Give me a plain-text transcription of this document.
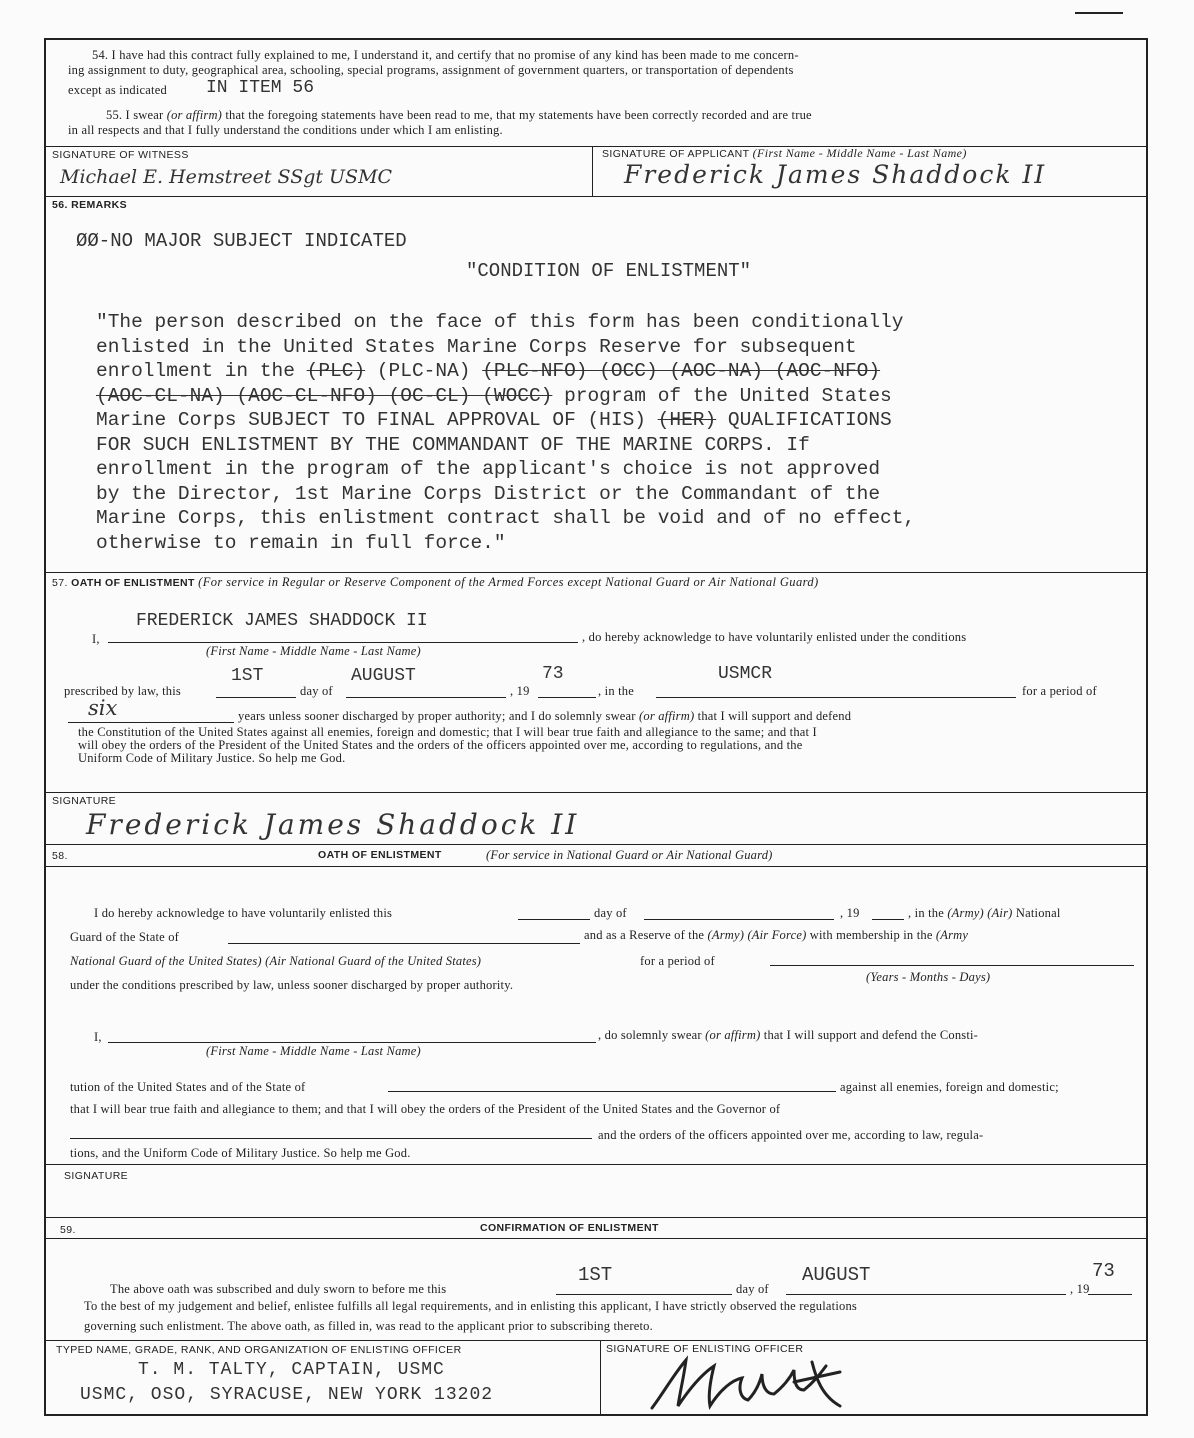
54. I have had this contract fully explained to me, I understand it, and certify that no promise of any kind has been made to me concern-
ing assignment to duty, geographical area, schooling, special programs, assignment of government quarters, or transportation of dependents
except as indicated IN ITEM 56
55. I swear (or affirm) that the foregoing statements have been read to me, that my statements have been correctly recorded and are true
in all respects and that I fully understand the conditions under which I am enlisting.
SIGNATURE OF WITNESS
Michael E. Hemstreet SSgt USMC
SIGNATURE OF APPLICANT (First Name - Middle Name - Last Name)
Frederick James Shaddock II
56. REMARKS
ØØ-NO MAJOR SUBJECT INDICATED
"CONDITION OF ENLISTMENT"
"The person described on the face of this form has been conditionally
enlisted in the United States Marine Corps Reserve for subsequent
enrollment in the (PLC) (PLC-NA) (PLC-NFO) (OCC) (AOC-NA) (AOC-NFO)
(AOC-CL-NA) (AOC-CL-NFO) (OC-CL) (WOCC) program of the United States
Marine Corps SUBJECT TO FINAL APPROVAL OF (HIS) (HER) QUALIFICATIONS
FOR SUCH ENLISTMENT BY THE COMMANDANT OF THE MARINE CORPS. If
enrollment in the program of the applicant's choice is not approved
by the Director, 1st Marine Corps District or the Commandant of the
Marine Corps, this enlistment contract shall be void and of no effect,
otherwise to remain in full force."
57. OATH OF ENLISTMENT (For service in Regular or Reserve Component of the Armed Forces except National Guard or Air National Guard)
I,
FREDERICK JAMES SHADDOCK II
, do hereby acknowledge to have voluntarily enlisted under the conditions
(First Name - Middle Name - Last Name)
prescribed by law, this
1ST
day of
AUGUST
, 19
73
, in the
USMCR
for a period of
six	years unless sooner discharged by proper authority; and I do solemnly swear (or affirm) that I will support and defend
the Constitution of the United States against all enemies, foreign and domestic; that I will bear true faith and allegiance to the same; and that I
will obey the orders of the President of the United States and the orders of the officers appointed over me, according to regulations, and the
Uniform Code of Military Justice. So help me God.
SIGNATURE
Frederick James Shaddock II
58.	OATH OF ENLISTMENT	(For service in National Guard or Air National Guard)
I do hereby acknowledge to have voluntarily enlisted this	day of	, 19	, in the (Army) (Air) National
Guard of the State of	and as a Reserve of the (Army) (Air Force) with membership in the (Army
National Guard of the United States) (Air National Guard of the United States)	for a period of
(Years - Months - Days)
under the conditions prescribed by law, unless sooner discharged by proper authority.
I,	, do solemnly swear (or affirm) that I will support and defend the Consti-
(First Name - Middle Name - Last Name)
tution of the United States and of the State of	against all enemies, foreign and domestic;
that I will bear true faith and allegiance to them; and that I will obey the orders of the President of the United States and the Governor of
and the orders of the officers appointed over me, according to law, regula-
tions, and the Uniform Code of Military Justice. So help me God.
SIGNATURE
59.	CONFIRMATION OF ENLISTMENT
The above oath was subscribed and duly sworn to before me this
1ST
day of
AUGUST
, 19
73
To the best of my judgement and belief, enlistee fulfills all legal requirements, and in enlisting this applicant, I have strictly observed the regulations
governing such enlistment. The above oath, as filled in, was read to the applicant prior to subscribing thereto.
TYPED NAME, GRADE, RANK, AND ORGANIZATION OF ENLISTING OFFICER
T. M. TALTY, CAPTAIN, USMC
USMC, OSO, SYRACUSE, NEW YORK 13202
SIGNATURE OF ENLISTING OFFICER
